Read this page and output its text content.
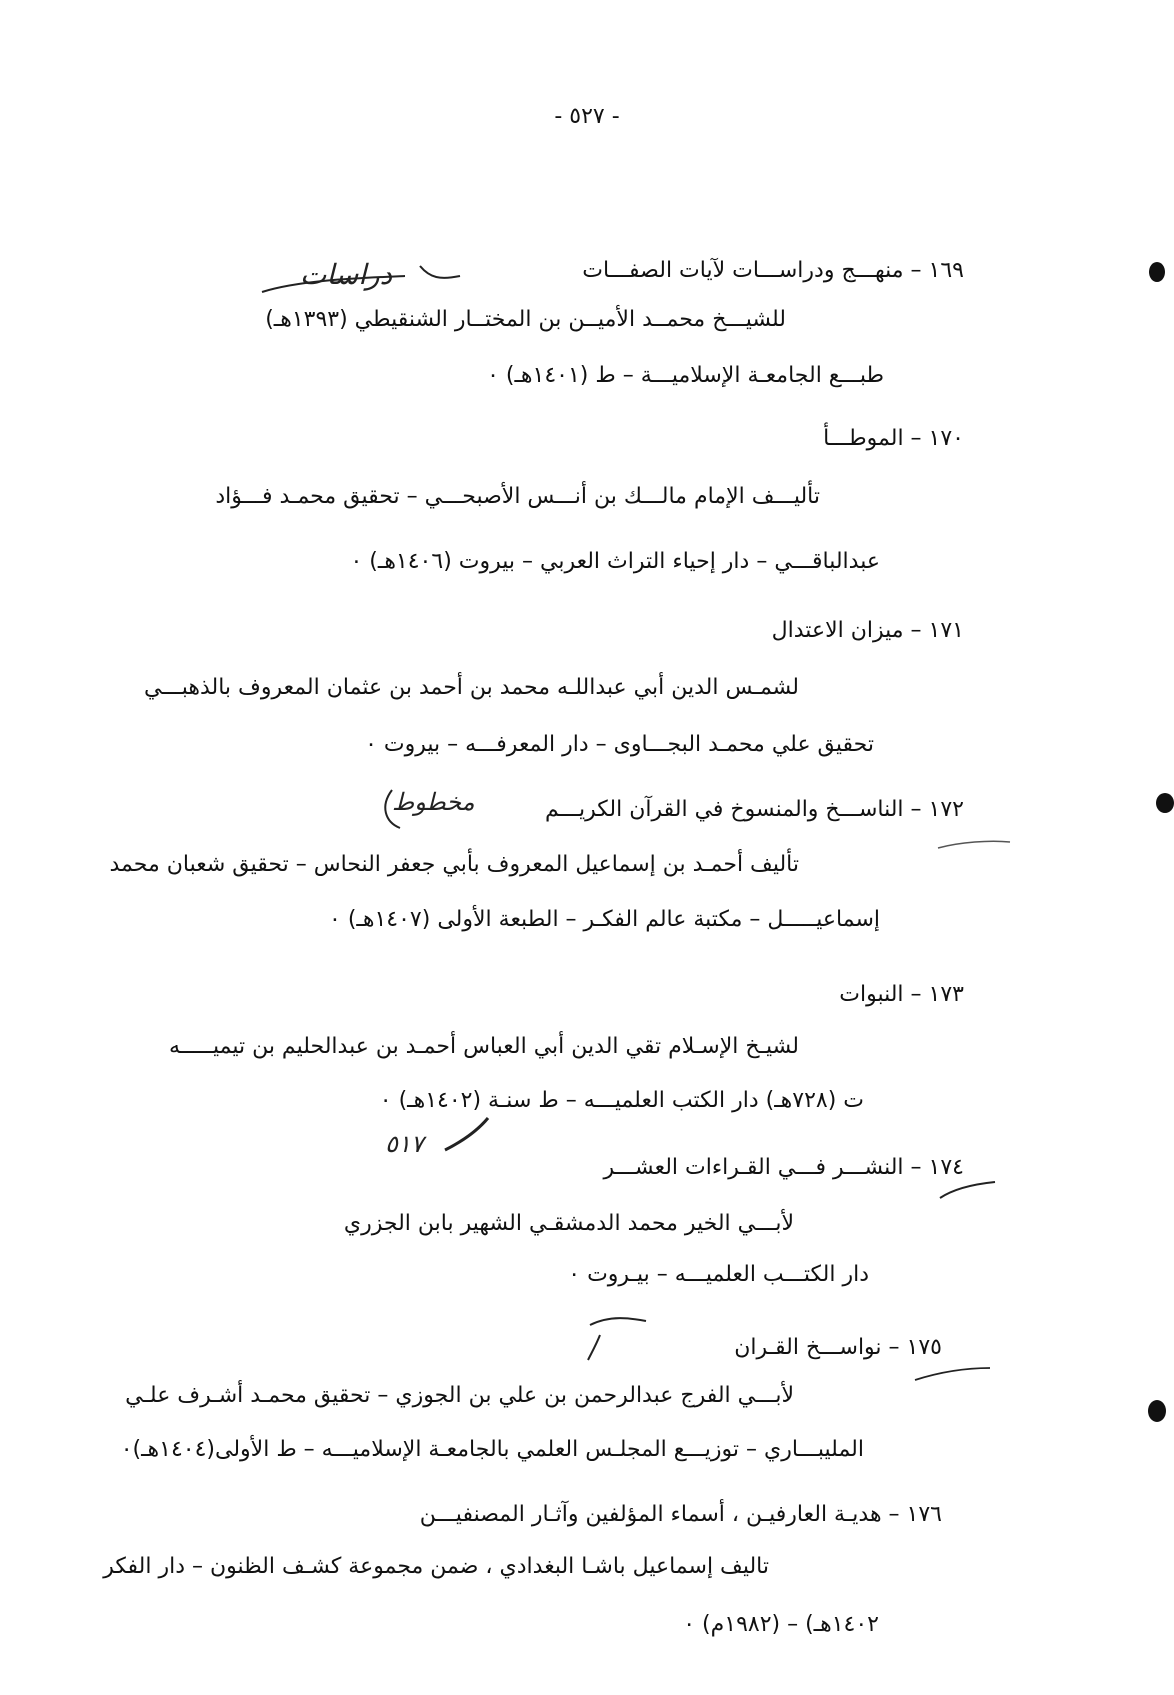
- ٥٢٧ -
١٦٩ – منهـــج ودراســـات لآيات الصفـــات
للشيـــخ محمــد الأميــن بن المختــار الشنقيطي (١٣٩٣هـ)
طبـــع الجامعـة الإسلاميـــة – ط (١٤٠١هـ) ٠
١٧٠ – الموطـــأ
تأليـــف الإمام مالـــك بن أنـــس الأصبحـــي – تحقيق محمـد فـــؤاد
عبدالباقـــي – دار إحياء التراث العربي – بيروت (١٤٠٦هـ) ٠
١٧١ – ميزان الاعتدال
لشمـس الدين أبي عبداللـه محمد بن أحمد بن عثمان المعروف بالذهبـــي
تحقيق علي محمـد البجـــاوى – دار المعرفـــه – بيروت ٠
١٧٢ – الناســـخ والمنسوخ في القرآن الكريـــم
تأليف أحمـد بن إسماعيل المعروف بأبي جعفر النحاس – تحقيق شعبان محمد
إسماعيـــــل – مكتبة عالم الفكـر – الطبعة الأولى (١٤٠٧هـ) ٠
١٧٣ – النبوات
لشيـخ الإسـلام تقي الدين أبي العباس أحمـد بن عبدالحليم بن تيميـــــه
ت (٧٢٨هـ) دار الكتب العلميـــه – ط سنـة (١٤٠٢هـ) ٠
١٧٤ – النشـــر فـــي القـراءات العشـــر
لأبـــي الخير محمد الدمشقـي الشهير بابن الجزري
دار الكتـــب العلميـــه – بيـروت ٠
١٧٥ – نواســـخ القـران
لأبـــي الفرج عبدالرحمن بن علي بن الجوزي – تحقيق محمـد أشـرف علـي
المليبـــاري – توزيـــع المجلـس العلمي بالجامعـة الإسلاميـــه – ط الأولى(١٤٠٤هـ)٠
١٧٦ – هديـة العارفيـن ، أسماء المؤلفين وآثـار المصنفيـــن
تاليف إسماعيل باشـا البغدادي ، ضمن مجموعة كشـف الظنون – دار الفكر
١٤٠٢هـ) – (١٩٨٢م) ٠
دراسات
مخطوط
٥١٧
